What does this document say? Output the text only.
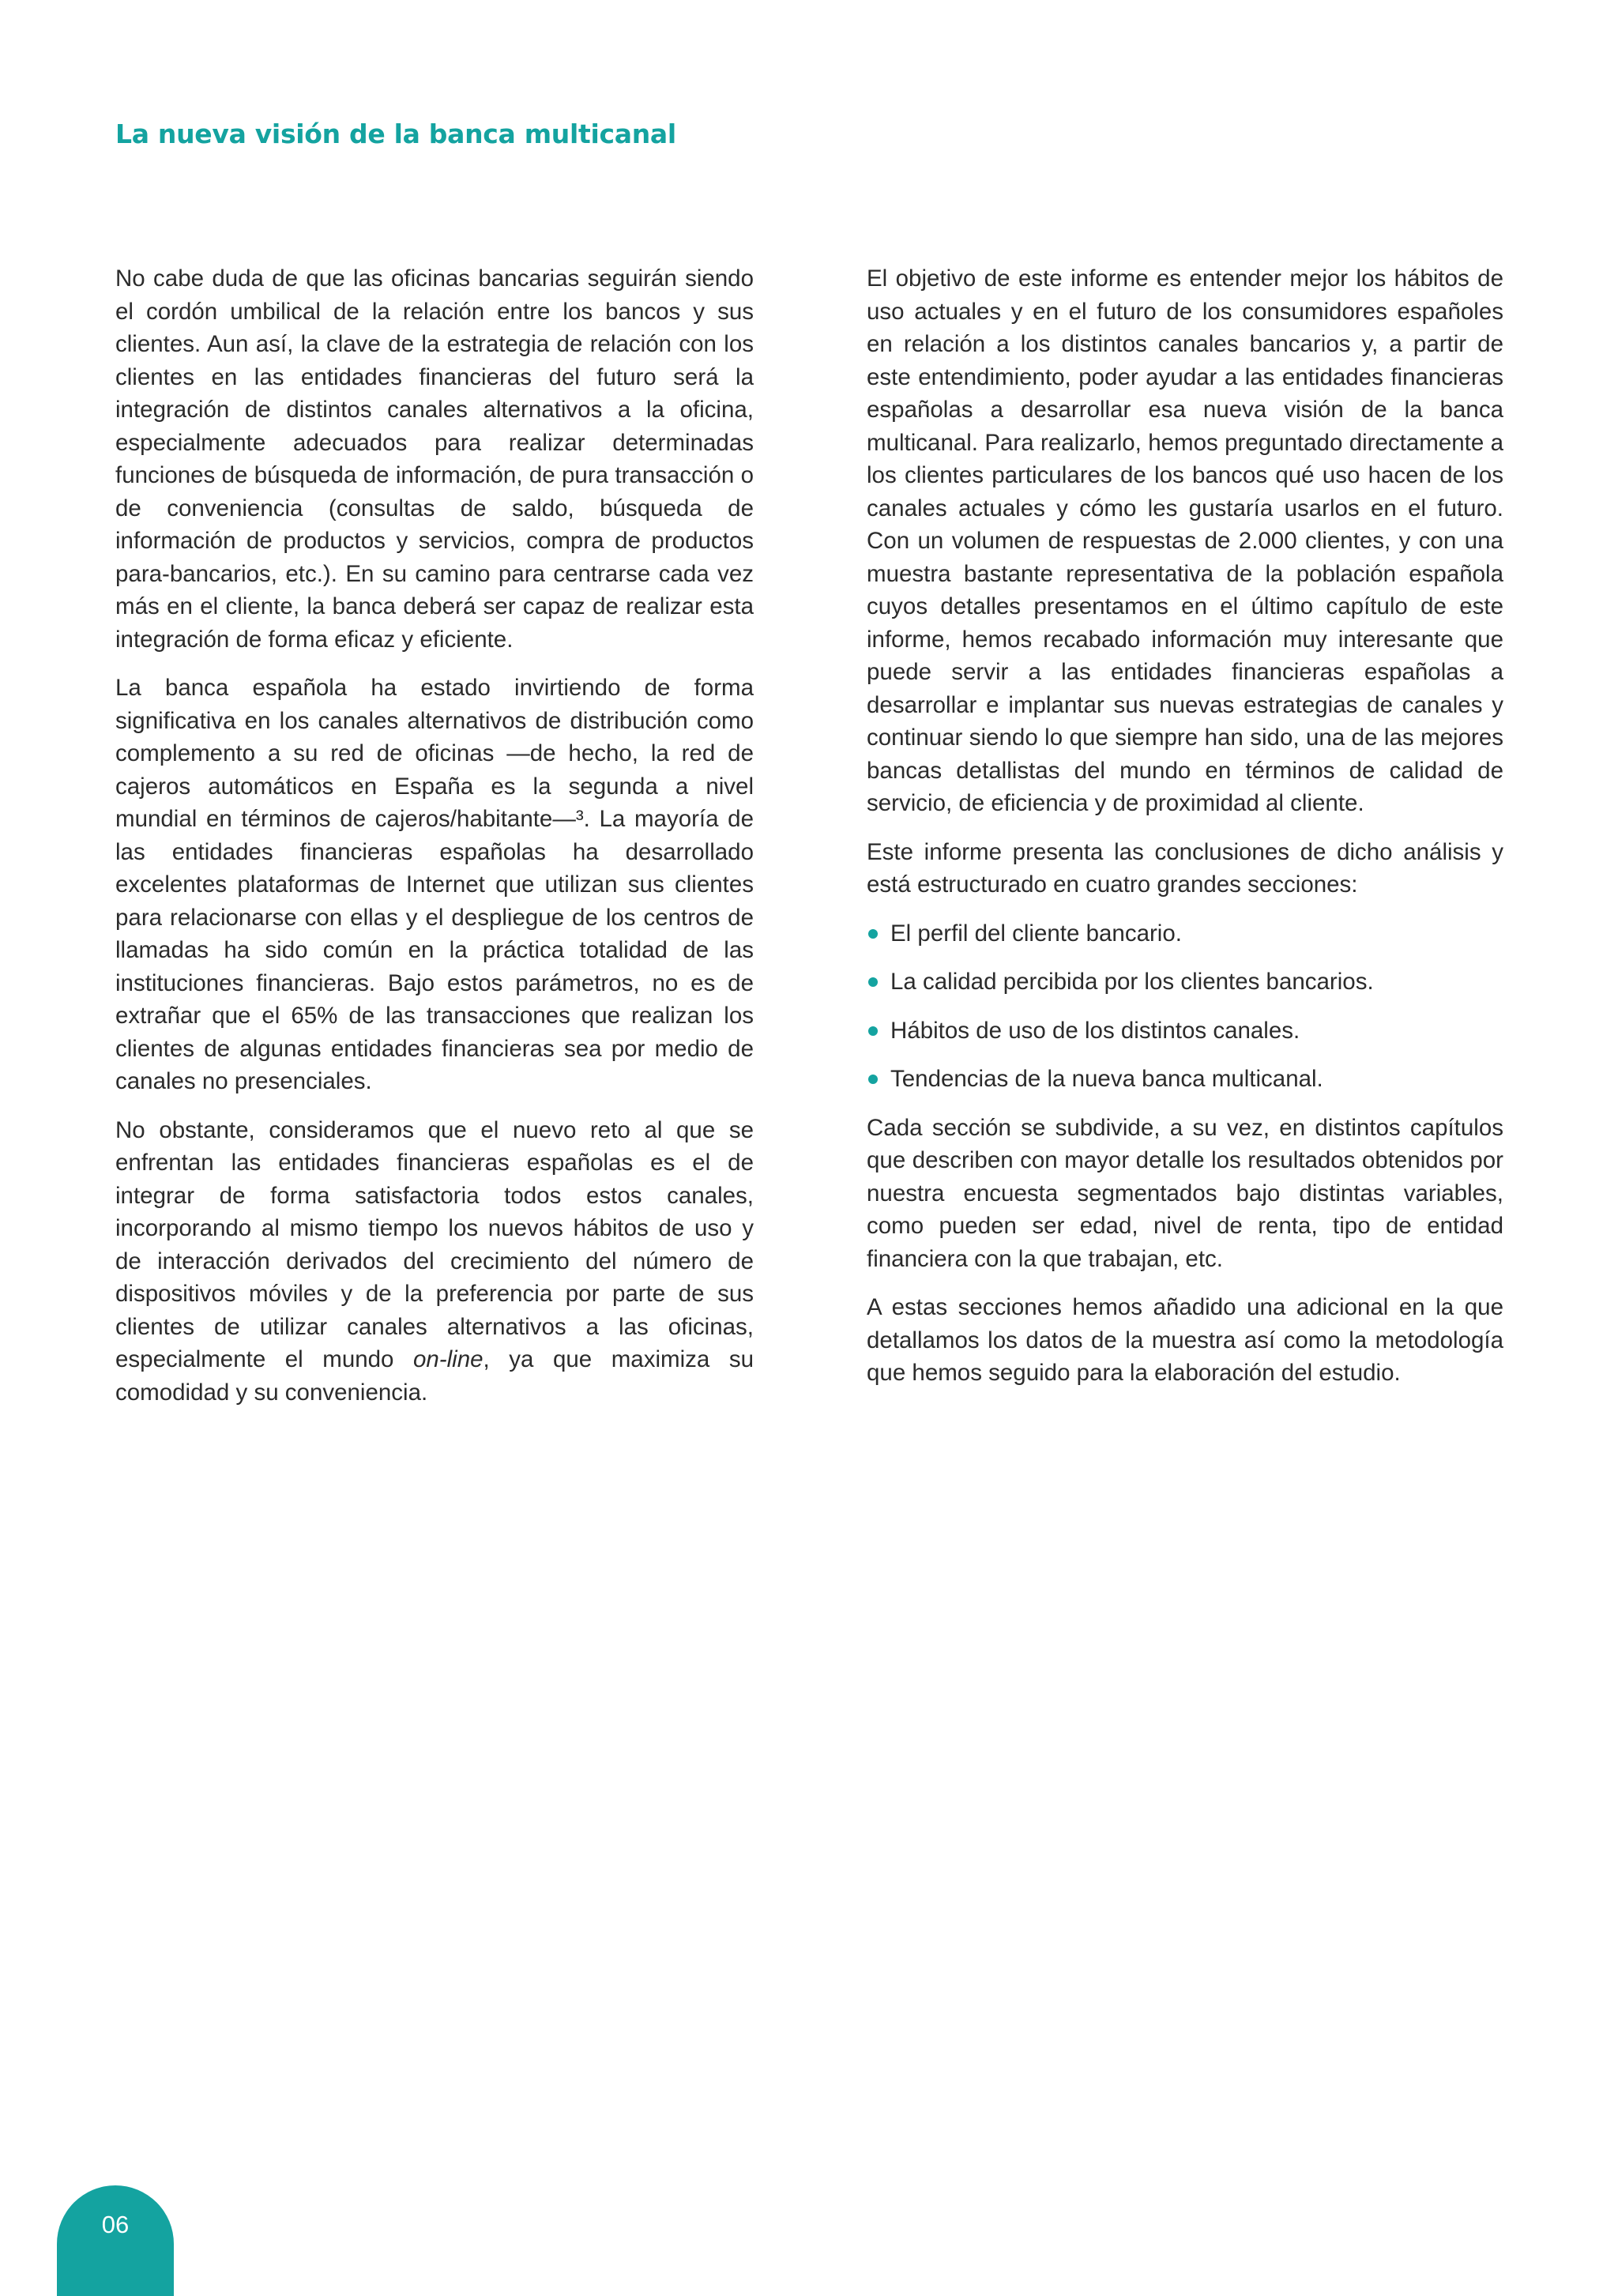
La nueva visión de la banca multicanal

No cabe duda de que las oficinas bancarias seguirán siendo el cordón umbilical de la relación entre los bancos y sus clientes. Aun así, la clave de la estrategia de relación con los clientes en las entidades financieras del futuro será la integración de distintos canales alternativos a la oficina, especialmente adecuados para realizar determinadas funciones de búsqueda de información, de pura transacción o de conveniencia (consultas de saldo, búsqueda de información de productos y servicios, compra de productos para-bancarios, etc.). En su camino para centrarse cada vez más en el cliente, la banca deberá ser capaz de realizar esta integración de forma eficaz y eficiente.

La banca española ha estado invirtiendo de forma significativa en los canales alternativos de distribución como complemento a su red de oficinas —de hecho, la red de cajeros automáticos en España es la segunda a nivel mundial en términos de cajeros/habitante—³. La mayoría de las entidades financieras españolas ha desarrollado excelentes plataformas de Internet que utilizan sus clientes para relacionarse con ellas y el despliegue de los centros de llamadas ha sido común en la práctica totalidad de las instituciones financieras. Bajo estos parámetros, no es de extrañar que el 65% de las transacciones que realizan los clientes de algunas entidades financieras sea por medio de canales no presenciales.

No obstante, consideramos que el nuevo reto al que se enfrentan las entidades financieras españolas es el de integrar de forma satisfactoria todos estos canales, incorporando al mismo tiempo los nuevos hábitos de uso y de interacción derivados del crecimiento del número de dispositivos móviles y de la preferencia por parte de sus clientes de utilizar canales alternativos a las oficinas, especialmente el mundo on-line, ya que maximiza su comodidad y su conveniencia.

El objetivo de este informe es entender mejor los hábitos de uso actuales y en el futuro de los consumidores españoles en relación a los distintos canales bancarios y, a partir de este entendimiento, poder ayudar a las entidades financieras españolas a desarrollar esa nueva visión de la banca multicanal. Para realizarlo, hemos preguntado directamente a los clientes particulares de los bancos qué uso hacen de los canales actuales y cómo les gustaría usarlos en el futuro. Con un volumen de respuestas de 2.000 clientes, y con una muestra bastante representativa de la población española cuyos detalles presentamos en el último capítulo de este informe, hemos recabado información muy interesante que puede servir a las entidades financieras españolas a desarrollar e implantar sus nuevas estrategias de canales y continuar siendo lo que siempre han sido, una de las mejores bancas detallistas del mundo en términos de calidad de servicio, de eficiencia y de proximidad al cliente.

Este informe presenta las conclusiones de dicho análisis y está estructurado en cuatro grandes secciones:

El perfil del cliente bancario.
La calidad percibida por los clientes bancarios.
Hábitos de uso de los distintos canales.
Tendencias de la nueva banca multicanal.

Cada sección se subdivide, a su vez, en distintos capítulos que describen con mayor detalle los resultados obtenidos por nuestra encuesta segmentados bajo distintas variables, como pueden ser edad, nivel de renta, tipo de entidad financiera con la que trabajan, etc.

A estas secciones hemos añadido una adicional en la que detallamos los datos de la muestra así como la metodología que hemos seguido para la elaboración del estudio.

06
